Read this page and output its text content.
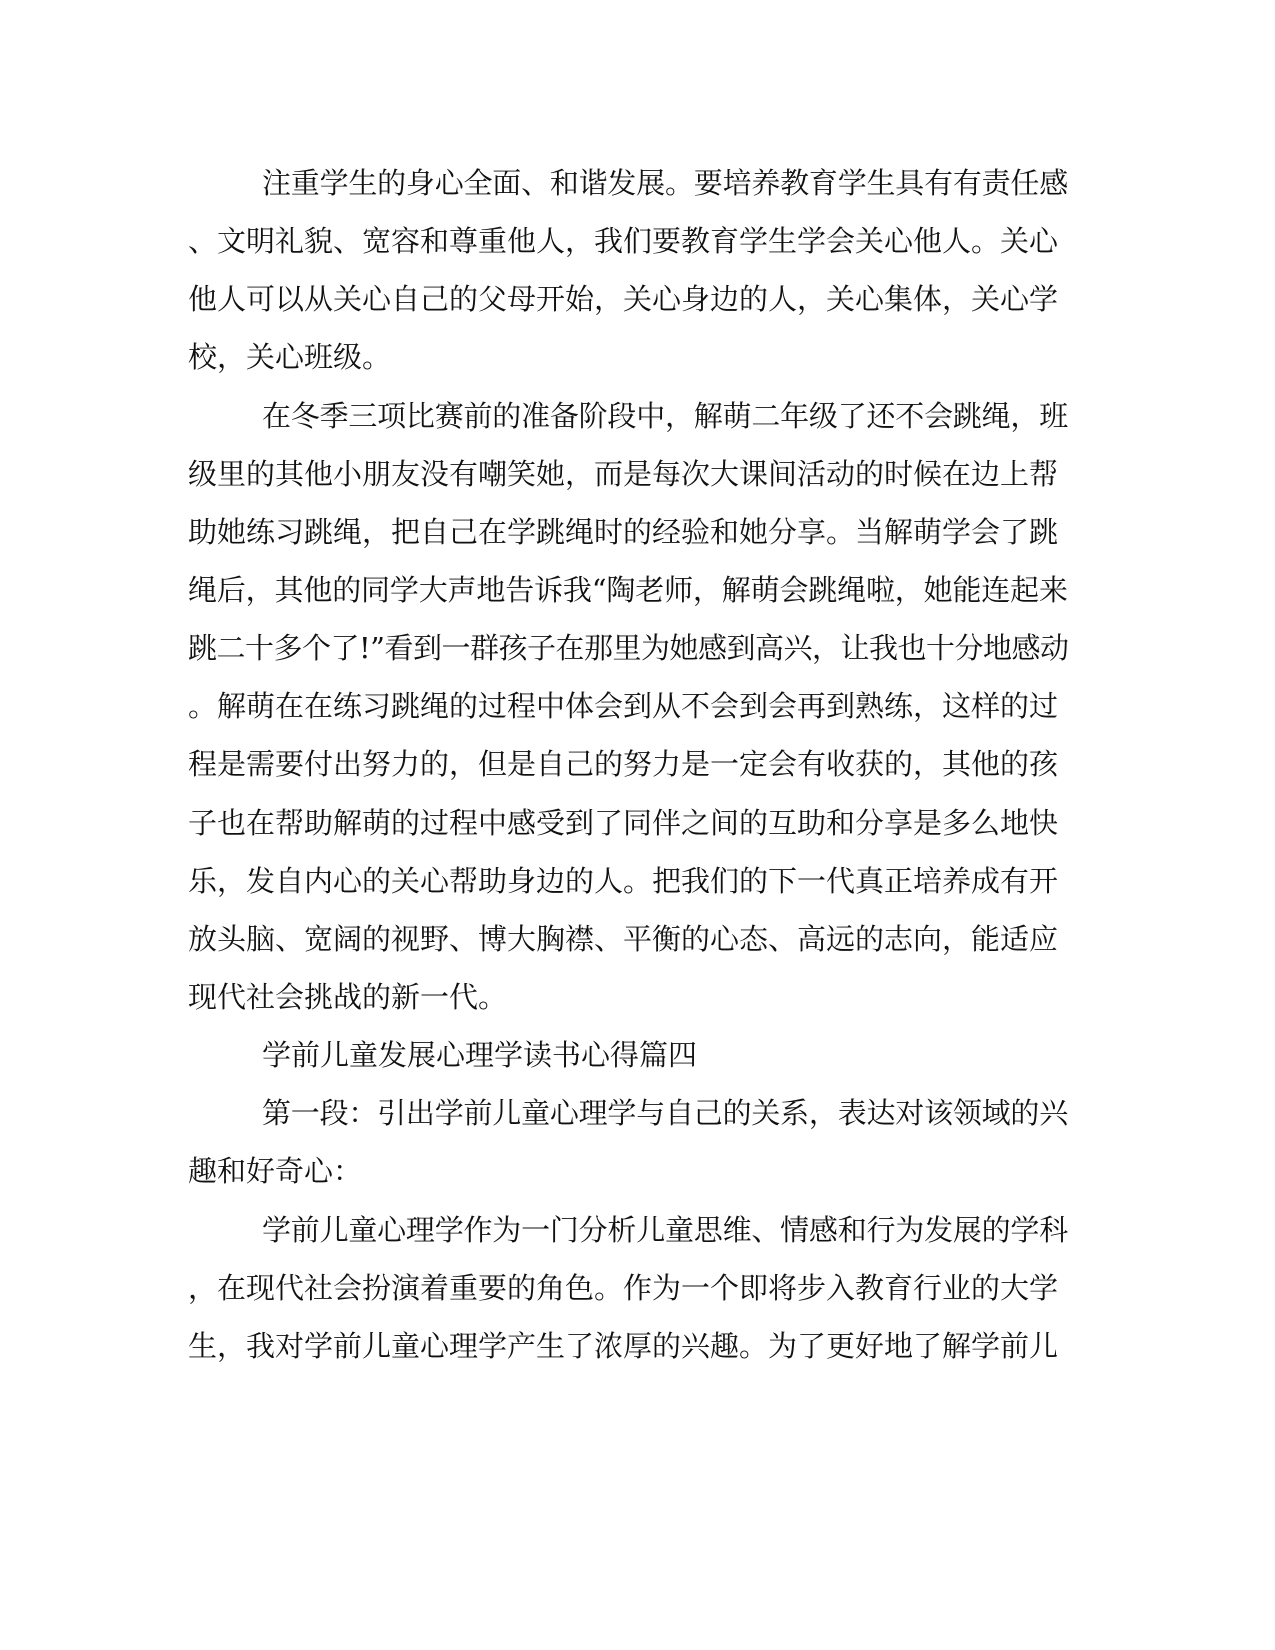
注重学生的身心全面、和谐发展。要培养教育学生具有有责任感
、文明礼貌、宽容和尊重他人，我们要教育学生学会关心他人。关心
他人可以从关心自己的父母开始，关心身边的人，关心集体，关心学
校，关心班级。
在冬季三项比赛前的准备阶段中，解萌二年级了还不会跳绳，班
级里的其他小朋友没有嘲笑她，而是每次大课间活动的时候在边上帮
助她练习跳绳，把自己在学跳绳时的经验和她分享。当解萌学会了跳
绳后，其他的同学大声地告诉我“陶老师，解萌会跳绳啦，她能连起来
跳二十多个了!”看到一群孩子在那里为她感到高兴，让我也十分地感动
。解萌在在练习跳绳的过程中体会到从不会到会再到熟练，这样的过
程是需要付出努力的，但是自己的努力是一定会有收获的，其他的孩
子也在帮助解萌的过程中感受到了同伴之间的互助和分享是多么地快
乐，发自内心的关心帮助身边的人。把我们的下一代真正培养成有开
放头脑、宽阔的视野、博大胸襟、平衡的心态、高远的志向，能适应
现代社会挑战的新一代。
学前儿童发展心理学读书心得篇四
第一段：引出学前儿童心理学与自己的关系，表达对该领域的兴
趣和好奇心：
学前儿童心理学作为一门分析儿童思维、情感和行为发展的学科
，在现代社会扮演着重要的角色。作为一个即将步入教育行业的大学
生，我对学前儿童心理学产生了浓厚的兴趣。为了更好地了解学前儿
